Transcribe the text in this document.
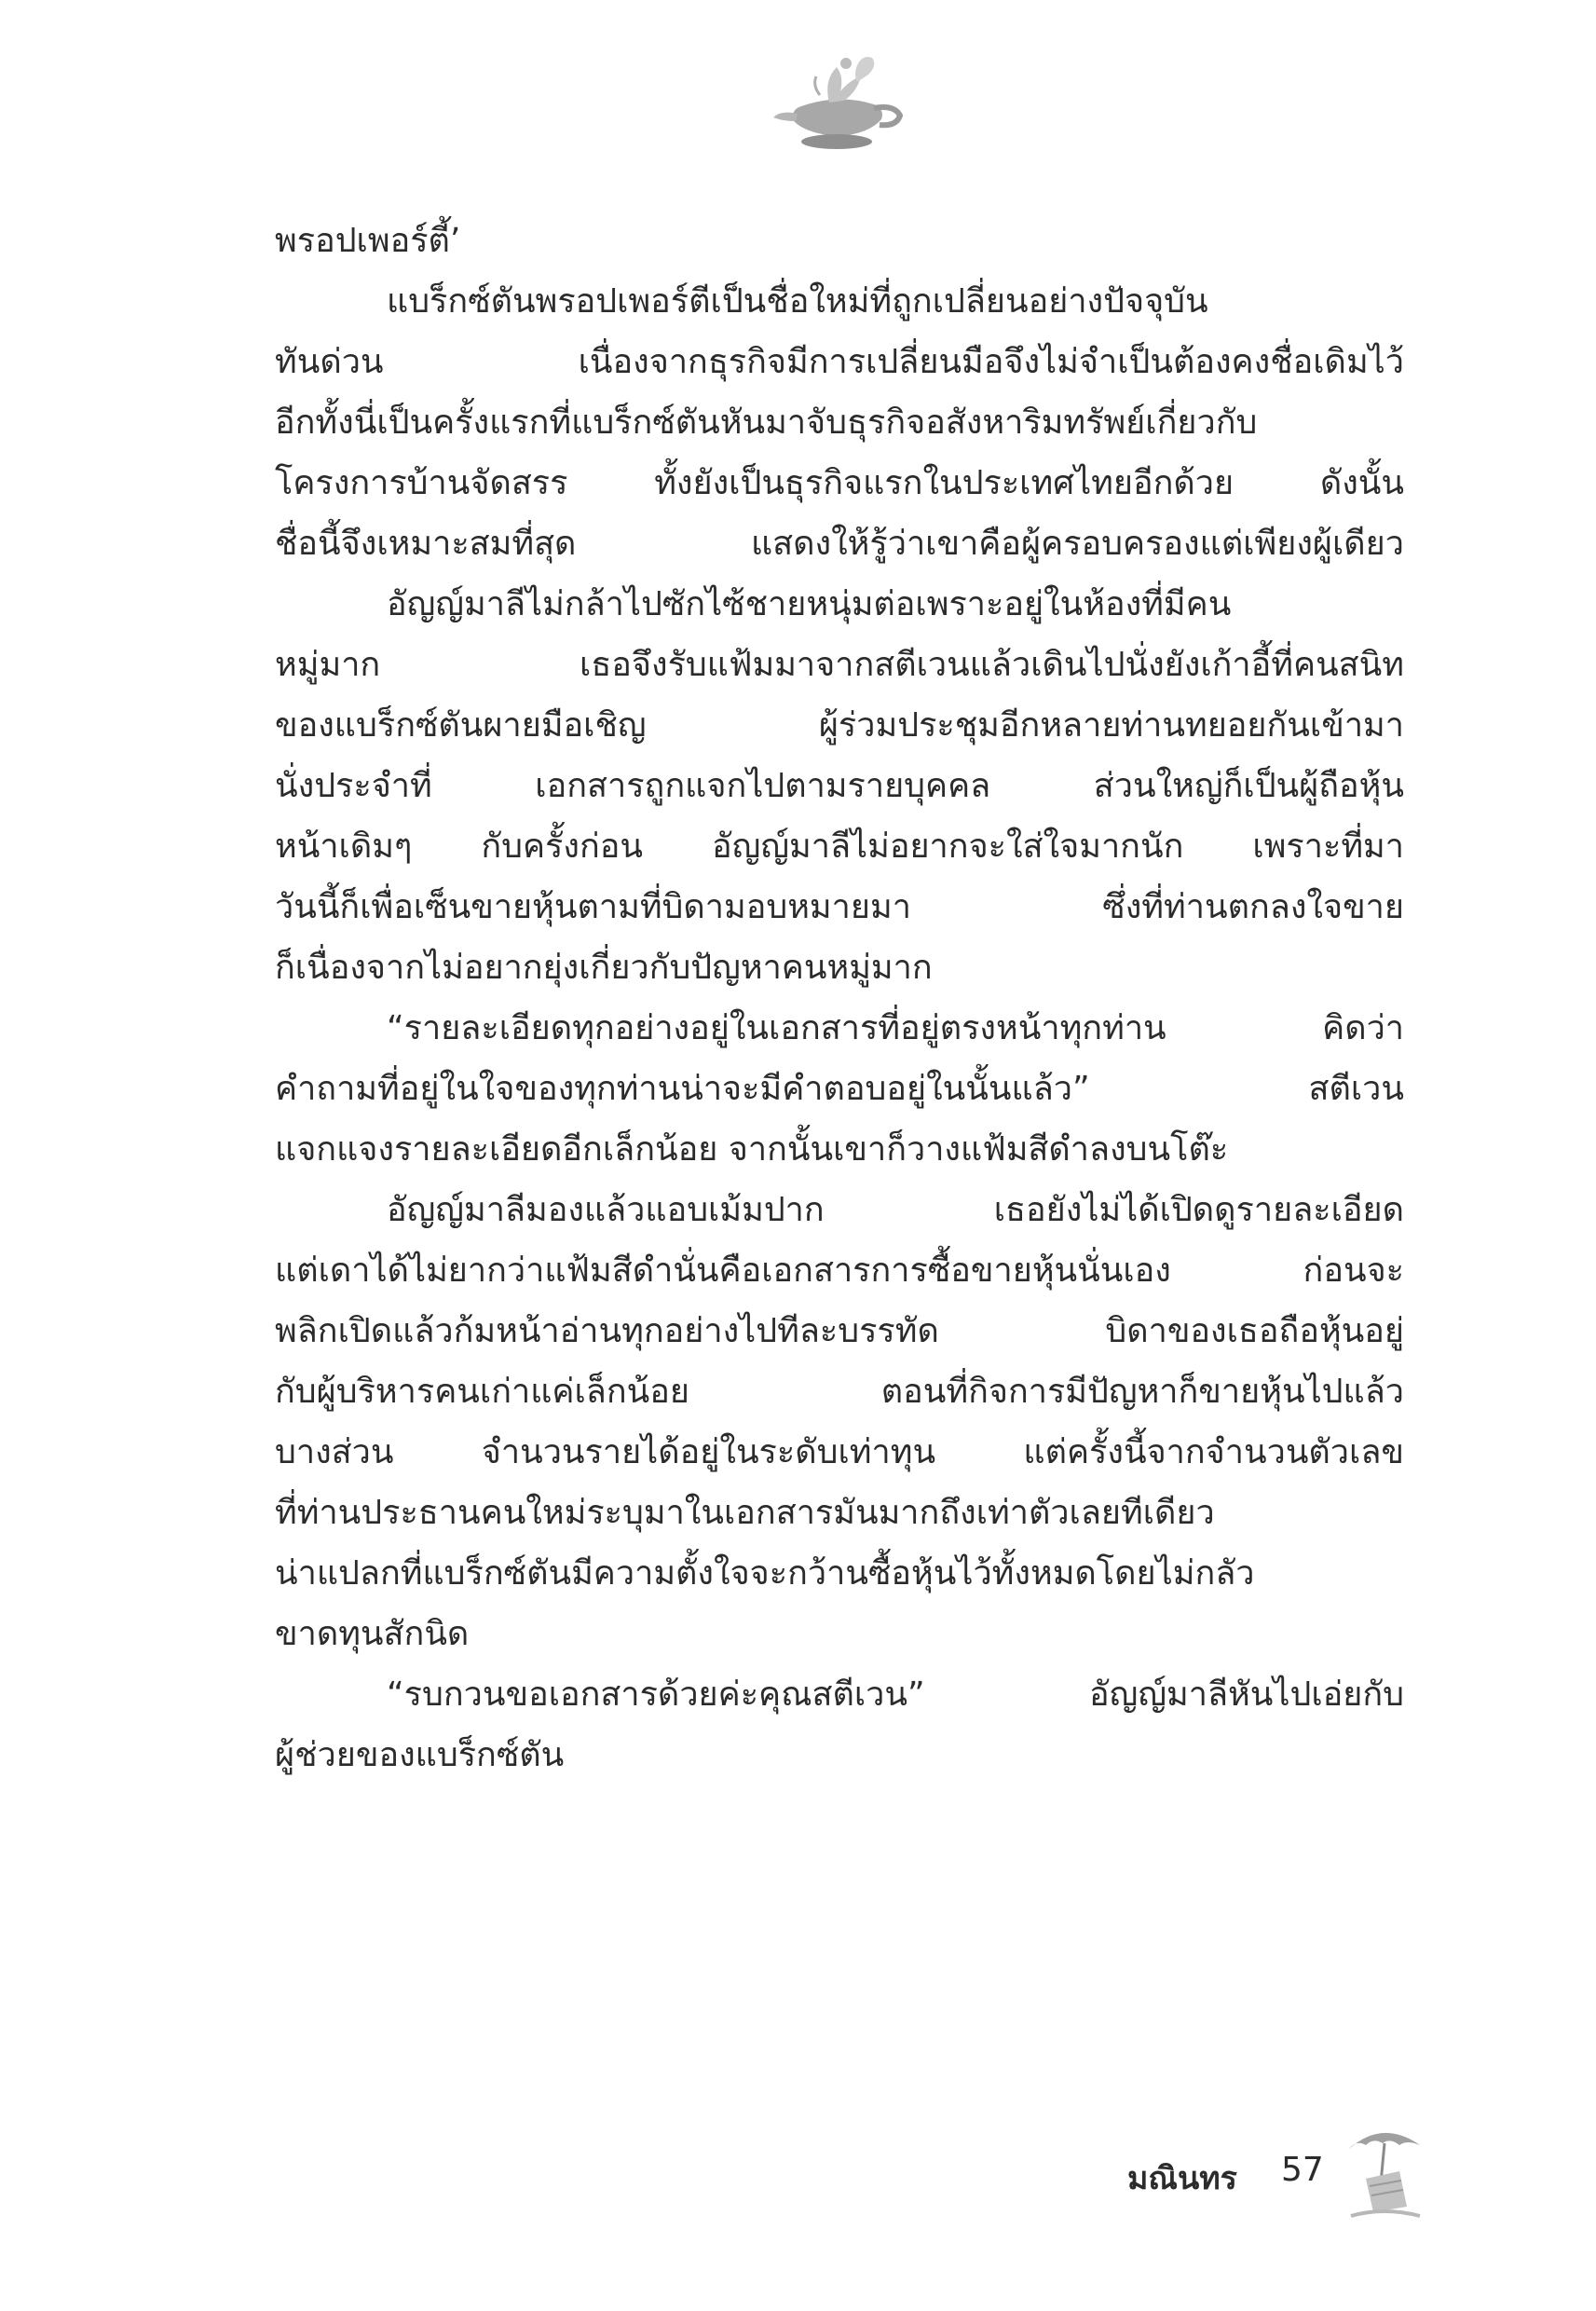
พรอปเพอร์ตี้’
แบร็กซ์ตันพรอปเพอร์ตีเป็นชื่อใหม่ที่ถูกเปลี่ยนอย่างปัจจุบัน
ทันด่วน เนื่องจากธุรกิจมีการเปลี่ยนมือจึงไม่จำเป็นต้องคงชื่อเดิมไว้
อีกทั้งนี่เป็นครั้งแรกที่แบร็กซ์ตันหันมาจับธุรกิจอสังหาริมทรัพย์เกี่ยวกับ
โครงการบ้านจัดสรร ทั้งยังเป็นธุรกิจแรกในประเทศไทยอีกด้วย ดังนั้น
ชื่อนี้จึงเหมาะสมที่สุด แสดงให้รู้ว่าเขาคือผู้ครอบครองแต่เพียงผู้เดียว
อัญญ์มาลีไม่กล้าไปซักไซ้ชายหนุ่มต่อเพราะอยู่ในห้องที่มีคน
หมู่มาก เธอจึงรับแฟ้มมาจากสตีเวนแล้วเดินไปนั่งยังเก้าอี้ที่คนสนิท
ของแบร็กซ์ตันผายมือเชิญ ผู้ร่วมประชุมอีกหลายท่านทยอยกันเข้ามา
นั่งประจำที่ เอกสารถูกแจกไปตามรายบุคคล ส่วนใหญ่ก็เป็นผู้ถือหุ้น
หน้าเดิมๆ กับครั้งก่อน อัญญ์มาลีไม่อยากจะใส่ใจมากนัก เพราะที่มา
วันนี้ก็เพื่อเซ็นขายหุ้นตามที่บิดามอบหมายมา ซึ่งที่ท่านตกลงใจขาย
ก็เนื่องจากไม่อยากยุ่งเกี่ยวกับปัญหาคนหมู่มาก
“รายละเอียดทุกอย่างอยู่ในเอกสารที่อยู่ตรงหน้าทุกท่าน คิดว่า
คำถามที่อยู่ในใจของทุกท่านน่าจะมีคำตอบอยู่ในนั้นแล้ว” สตีเวน
แจกแจงรายละเอียดอีกเล็กน้อย จากนั้นเขาก็วางแฟ้มสีดำลงบนโต๊ะ
อัญญ์มาลีมองแล้วแอบเม้มปาก เธอยังไม่ได้เปิดดูรายละเอียด
แต่เดาได้ไม่ยากว่าแฟ้มสีดำนั่นคือเอกสารการซื้อขายหุ้นนั่นเอง ก่อนจะ
พลิกเปิดแล้วก้มหน้าอ่านทุกอย่างไปทีละบรรทัด บิดาของเธอถือหุ้นอยู่
กับผู้บริหารคนเก่าแค่เล็กน้อย ตอนที่กิจการมีปัญหาก็ขายหุ้นไปแล้ว
บางส่วน จำนวนรายได้อยู่ในระดับเท่าทุน แต่ครั้งนี้จากจำนวนตัวเลข
ที่ท่านประธานคนใหม่ระบุมาในเอกสารมันมากถึงเท่าตัวเลยทีเดียว
น่าแปลกที่แบร็กซ์ตันมีความตั้งใจจะกว้านซื้อหุ้นไว้ทั้งหมดโดยไม่กลัว
ขาดทุนสักนิด
“รบกวนขอเอกสารด้วยค่ะคุณสตีเวน” อัญญ์มาลีหันไปเอ่ยกับ
ผู้ช่วยของแบร็กซ์ตัน
มณินทร 57
